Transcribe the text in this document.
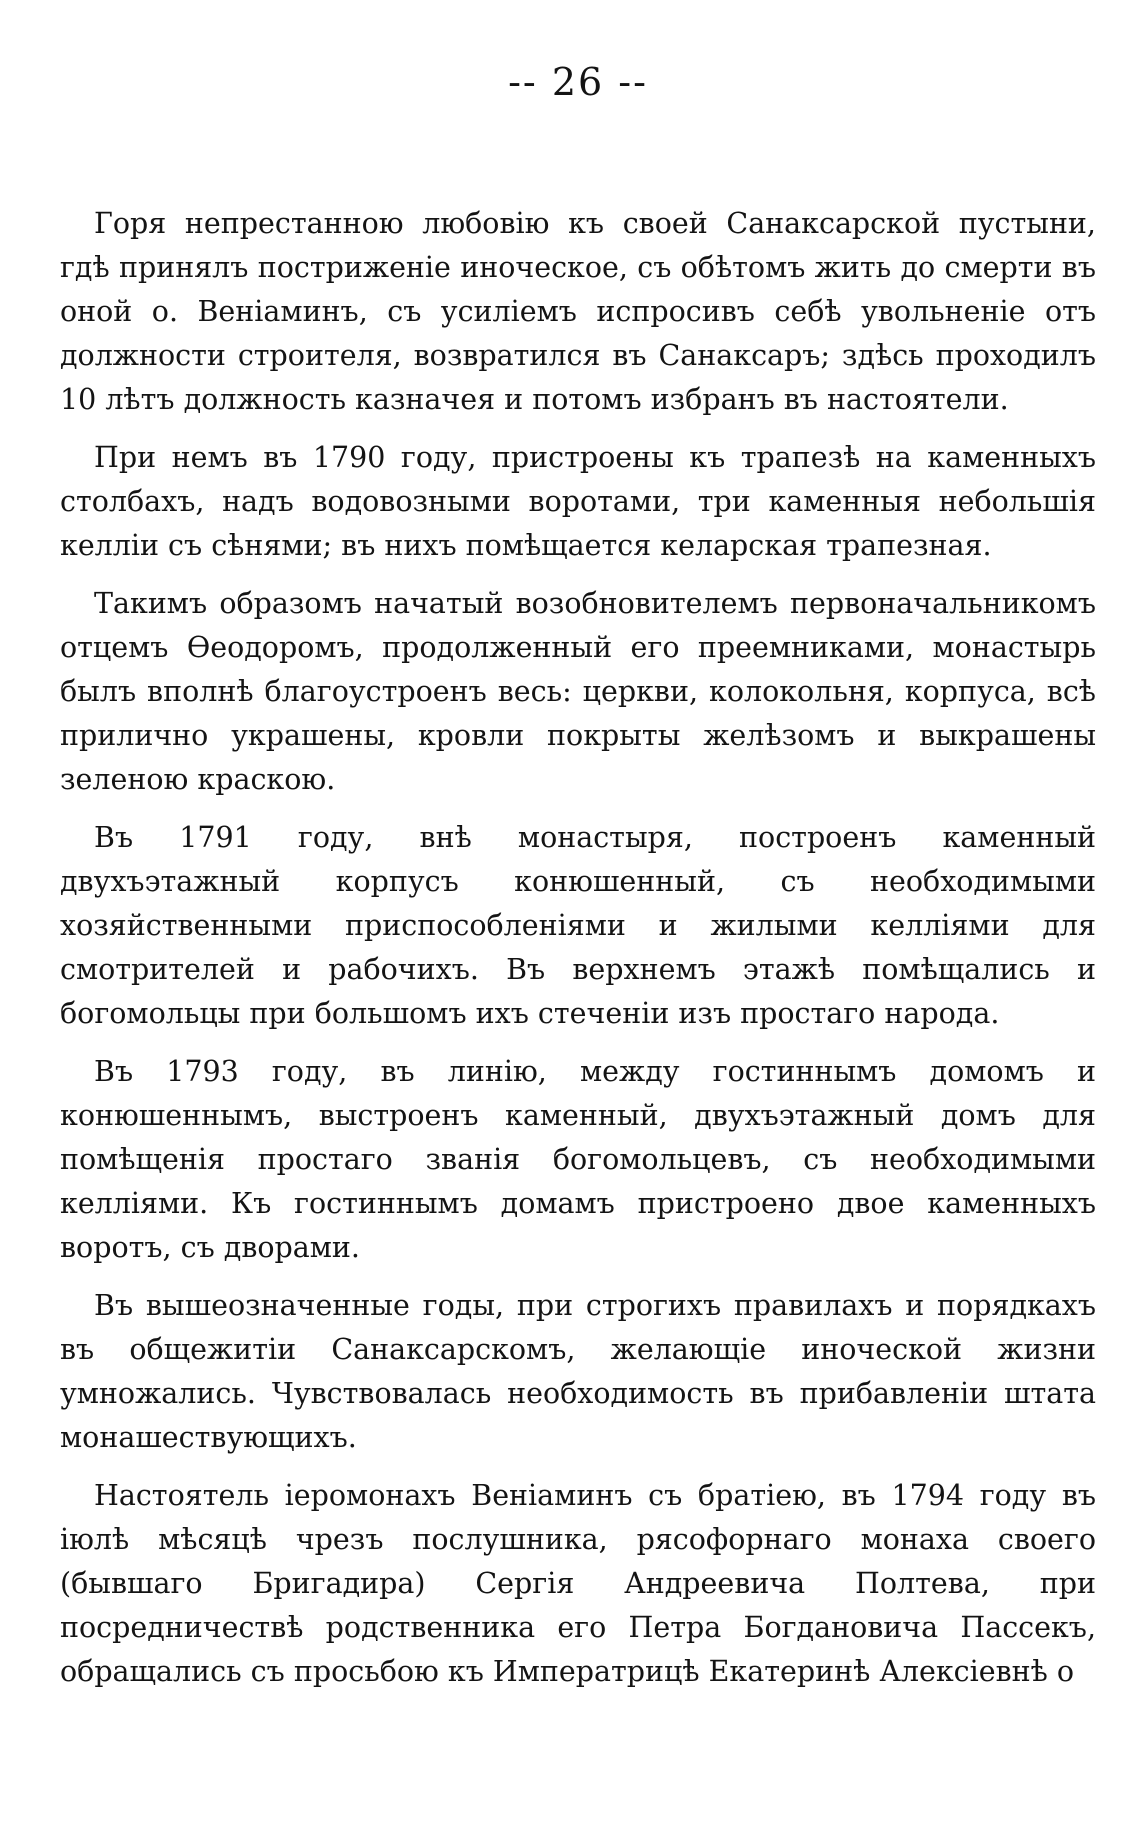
-- 26 --

Горя непрестанною любовію къ своей Санаксарской пустыни, гдѣ принялъ постриженіе иноческое, съ обѣтомъ жить до смерти въ оной о. Веніаминъ, съ усиліемъ испросивъ себѣ увольненіе отъ должности строителя, возвратился въ Санаксаръ; здѣсь проходилъ 10 лѣтъ должность казначея и потомъ избранъ въ настоятели.

При немъ въ 1790 году, пристроены къ трапезѣ на каменныхъ столбахъ, надъ водовозными воротами, три каменныя небольшія келліи съ сѣнями; въ нихъ помѣщается келарская трапезная.

Такимъ образомъ начатый возобновителемъ первоначальникомъ отцемъ Ѳеодоромъ, продолженный его преемниками, монастырь былъ вполнѣ благоустроенъ весь: церкви, колокольня, корпуса, всѣ прилично украшены, кровли покрыты желѣзомъ и выкрашены зеленою краскою.

Въ 1791 году, внѣ монастыря, построенъ каменный двухъэтажный корпусъ конюшенный, съ необходимыми хозяйственными приспособленіями и жилыми келліями для смотрителей и рабочихъ. Въ верхнемъ этажѣ помѣщались и богомольцы при большомъ ихъ стеченіи изъ простаго народа.

Въ 1793 году, въ линію, между гостиннымъ домомъ и конюшеннымъ, выстроенъ каменный, двухъэтажный домъ для помѣщенія простаго званія богомольцевъ, съ необходимыми келліями. Къ гостиннымъ домамъ пристроено двое каменныхъ воротъ, съ дворами.

Въ вышеозначенные годы, при строгихъ правилахъ и порядкахъ въ общежитіи Санаксарскомъ, желающіе иноческой жизни умножались. Чувствовалась необходимость въ прибавленіи штата монашествующихъ.

Настоятель іеромонахъ Веніаминъ съ братіею, въ 1794 году въ іюлѣ мѣсяцѣ чрезъ послушника, рясофорнаго монаха своего (бывшаго Бригадира) Сергія Андреевича Полтева, при посредничествѣ родственника его Петра Богдановича Пассекъ, обращались съ просьбою къ Императрицѣ Екатеринѣ Алексіевнѣ о
